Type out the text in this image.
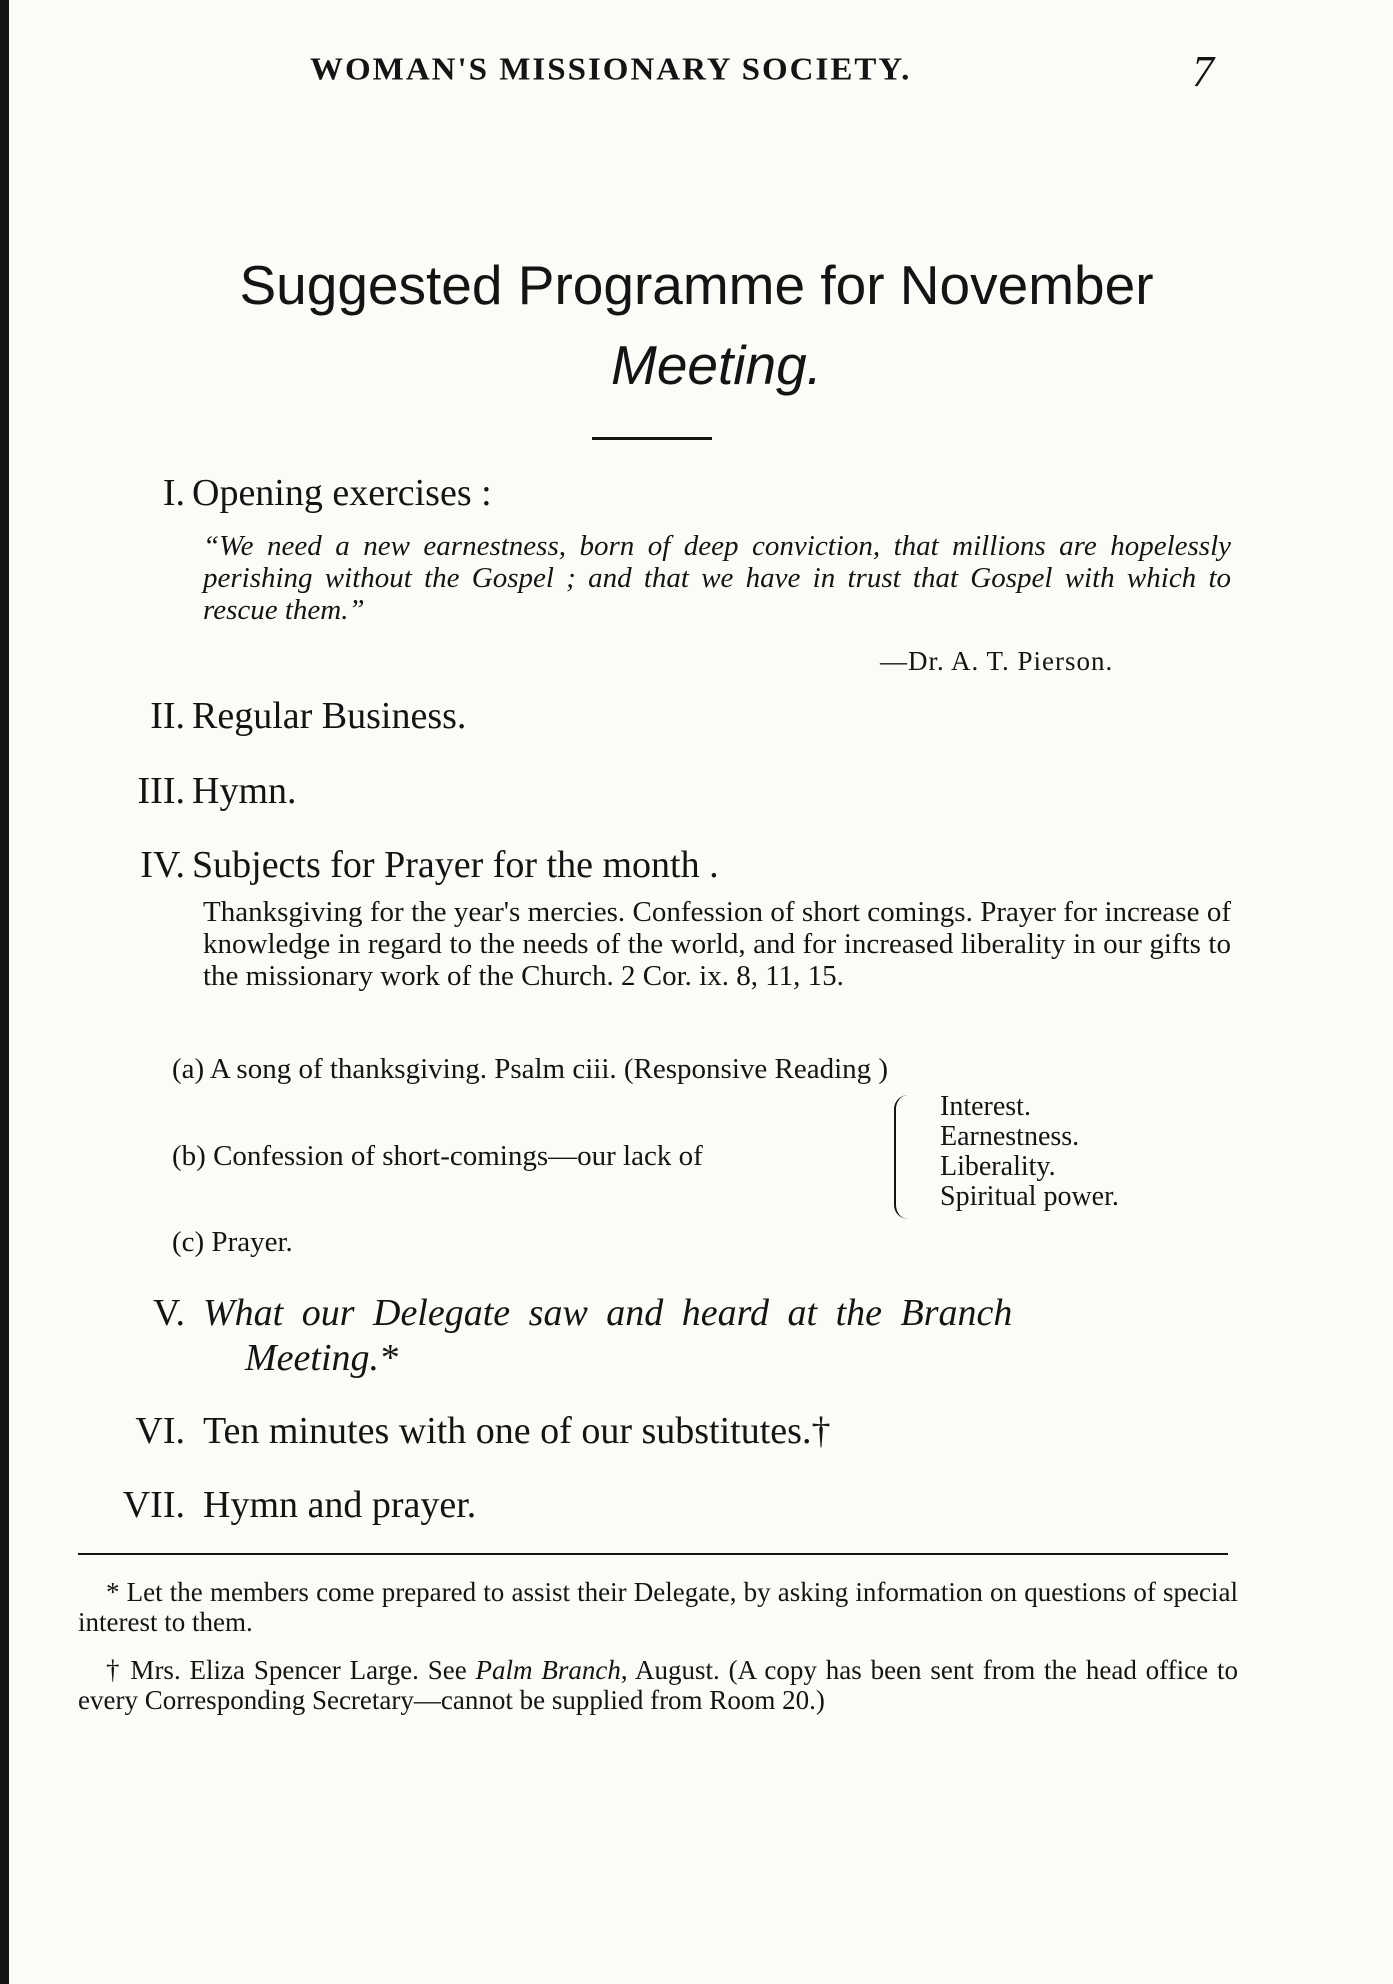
WOMAN'S MISSIONARY SOCIETY.	7
Suggested Programme for November
Meeting.
I. Opening exercises :
“We need a new earnestness, born of deep conviction, that millions are hopelessly perishing without the Gospel ; and that we have in trust that Gospel with which to rescue them.”
—Dr. A. T. Pierson.
II. Regular Business.
III. Hymn.
IV. Subjects for Prayer for the month .
Thanksgiving for the year's mercies. Confession of short comings. Prayer for increase of knowledge in regard to the needs of the world, and for increased liberality in our gifts to the missionary work of the Church. 2 Cor. ix. 8, 11, 15.
(a) A song of thanksgiving. Psalm ciii. (Responsive Reading )
(b) Confession of short-comings—our lack of
Interest.
Earnestness.
Liberality.
Spiritual power.
(c) Prayer.
V. What our Delegate saw and heard at the Branch
Meeting.*
VI. Ten minutes with one of our substitutes.†
VII. Hymn and prayer.
* Let the members come prepared to assist their Delegate, by asking information on questions of special interest to them.
† Mrs. Eliza Spencer Large. See Palm Branch, August. (A copy has been sent from the head office to every Corresponding Secretary—cannot be supplied from Room 20.)
